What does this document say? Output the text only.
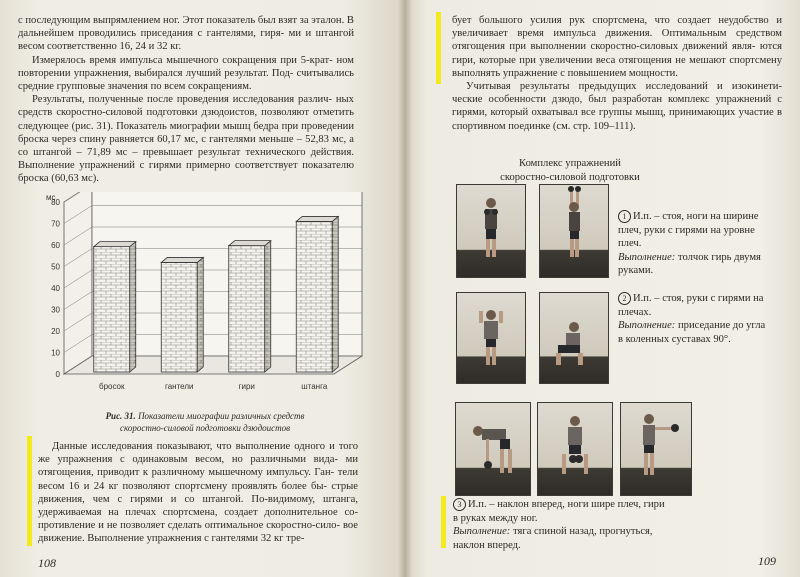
с последующим выпрямлением ног. Этот показатель был взят за эталон. В дальнейшем проводились приседания с гантелями, гиря- ми и штангой весом соответственно 16, 24 и 32 кг.

Измерялось время импульса мышечного сокращения при 5-крат- ном повторении упражнения, выбирался лучший результат. Под- считывались средние групповые значения по всем сокращениям.

Результаты, полученные после проведения исследования различ- ных средств скоростно-силовой подготовки дзюдоистов, позволяют отметить следующее (рис. 31). Показатель миографии мышц бедра при проведении броска через спину равняется 60,17 мс, с гантелями меньше – 52,83 мс, а со штангой – 71,89 мс – превышает результат технического действия. Выполнение упражнений с гирями примерно соответствует показателю броска (60,63 мс).

0
10
20
30
40
50
60
70
80
мс
бросок	гантели	гири	штанга
Рис. 31. Показатели миографии различных средств
скоростно-силовой подготовки дзюдоистов

Данные исследования показывают, что выполнение одного и того же упражнения с одинаковым весом, но различными вида- ми отягощения, приводит к различному мышечному импульсу. Ган- тели весом 16 и 24 кг позволяют спортсмену проявлять более бы- стрые движения, чем с гирями и со штангой. По-видимому, штанга, удерживаемая на плечах спортсмена, создает дополнительное со- противление и не позволяет сделать оптимальное скоростно-сило- вое движение. Выполнение упражнения с гантелями 32 кг тре-

108

бует большого усилия рук спортсмена, что создает неудобство и увеличивает время импульса движения. Оптимальным средством отягощения при выполнении скоростно-силовых движений явля- ются гири, которые при увеличении веса отягощения не мешают спортсмену выполнять упражнение с повышением мощности.

Учитывая результаты предыдущих исследований и изокинети- ческие особенности дзюдо, был разработан комплекс упражнений с гирями, который охватывал все группы мышц, принимающих участие в спортивном поединке (см. стр. 109–111).

Комплекс упражнений
скоростно-силовой подготовки
1 И.п. – стоя, ноги на ширине
плеч, руки с гирями на уровне
плеч.
Выполнение: толчок гирь двумя
руками.
2 И.п. – стоя, руки с гирями на
плечах.
Выполнение: приседание до угла
в коленных суставах 90°.
3 И.п. – наклон вперед, ноги шире плеч, гири
в руках между ног.
Выполнение: тяга спиной назад, прогнуться,
наклон вперед.
109
